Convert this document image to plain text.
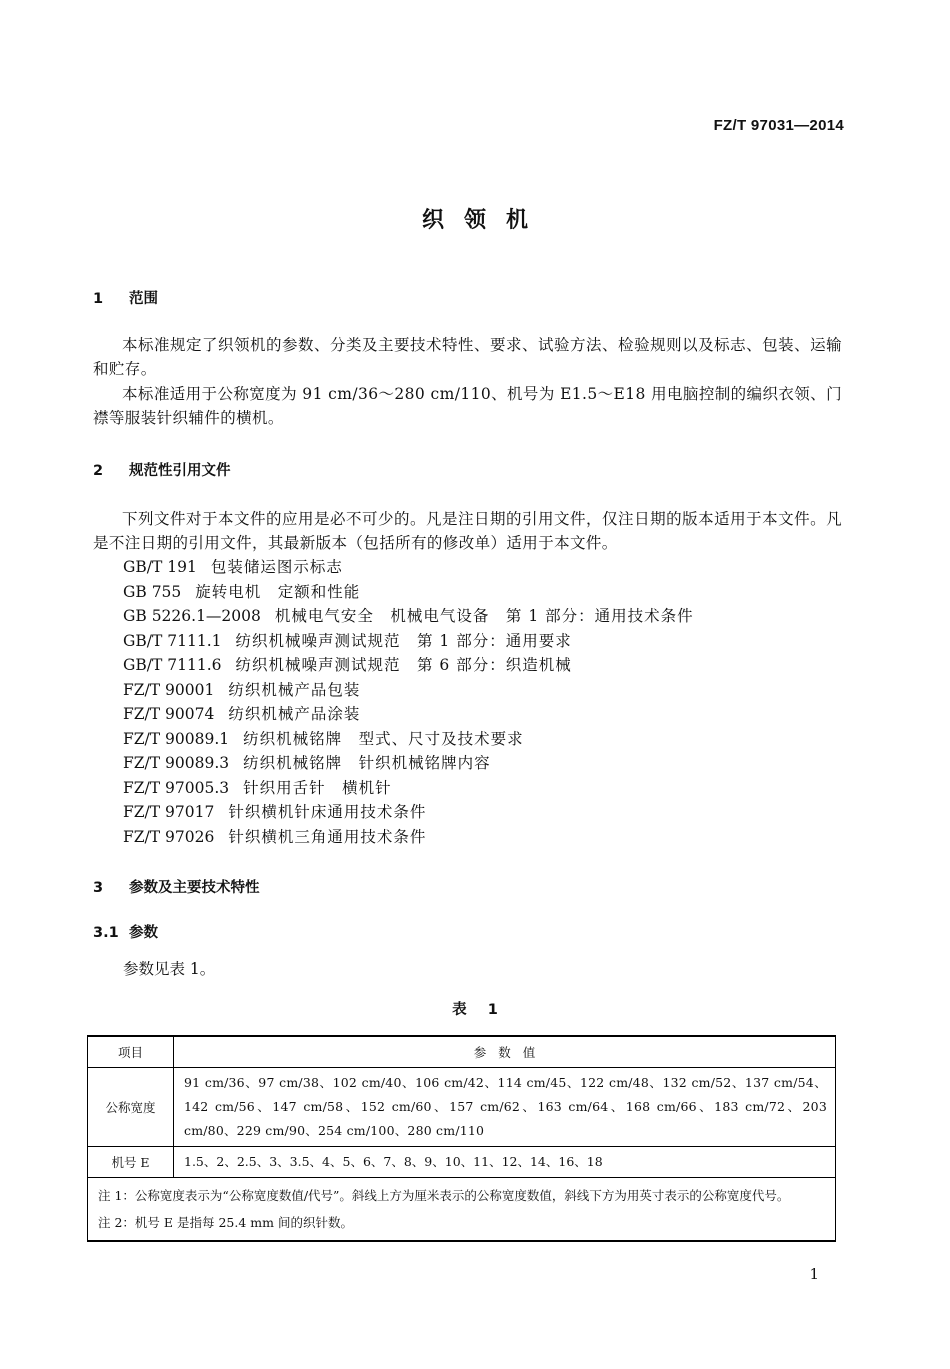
FZ/T 97031—2014
织领机
1 范围
本标准规定了织领机的参数、分类及主要技术特性、要求、试验方法、检验规则以及标志、包装、运输和贮存。
本标准适用于公称宽度为 91 cm/36～280 cm/110、机号为 E1.5～E18 用电脑控制的编织衣领、门襟等服装针织辅件的横机。
2 规范性引用文件
下列文件对于本文件的应用是必不可少的。凡是注日期的引用文件，仅注日期的版本适用于本文件。凡是不注日期的引用文件，其最新版本（包括所有的修改单）适用于本文件。
GB/T 191 包装储运图示标志
GB 755 旋转电机　定额和性能
GB 5226.1—2008 机械电气安全　机械电气设备　第 1 部分：通用技术条件
GB/T 7111.1 纺织机械噪声测试规范　第 1 部分：通用要求
GB/T 7111.6 纺织机械噪声测试规范　第 6 部分：织造机械
FZ/T 90001 纺织机械产品包装
FZ/T 90074 纺织机械产品涂装
FZ/T 90089.1 纺织机械铭牌　型式、尺寸及技术要求
FZ/T 90089.3 纺织机械铭牌　针织机械铭牌内容
FZ/T 97005.3 针织用舌针　横机针
FZ/T 97017 针织横机针床通用技术条件
FZ/T 97026 针织横机三角通用技术条件
3 参数及主要技术特性
3.1 参数
参数见表 1。
表 1
项目	参数值
公称宽度	91 cm/36、97 cm/38、102 cm/40、106 cm/42、114 cm/45、122 cm/48、132 cm/52、137 cm/54、142 cm/56、147 cm/58、152 cm/60、157 cm/62、163 cm/64、168 cm/66、183 cm/72、203 cm/80、229 cm/90、254 cm/100、280 cm/110
机号 E	1.5、2、2.5、3、3.5、4、5、6、7、8、9、10、11、12、14、16、18

注 1：公称宽度表示为“公称宽度数值/代号”。斜线上方为厘米表示的公称宽度数值，斜线下方为用英寸表示的公称宽度代号。
注 2：机号 E 是指每 25.4 mm 间的织针数。	
1
